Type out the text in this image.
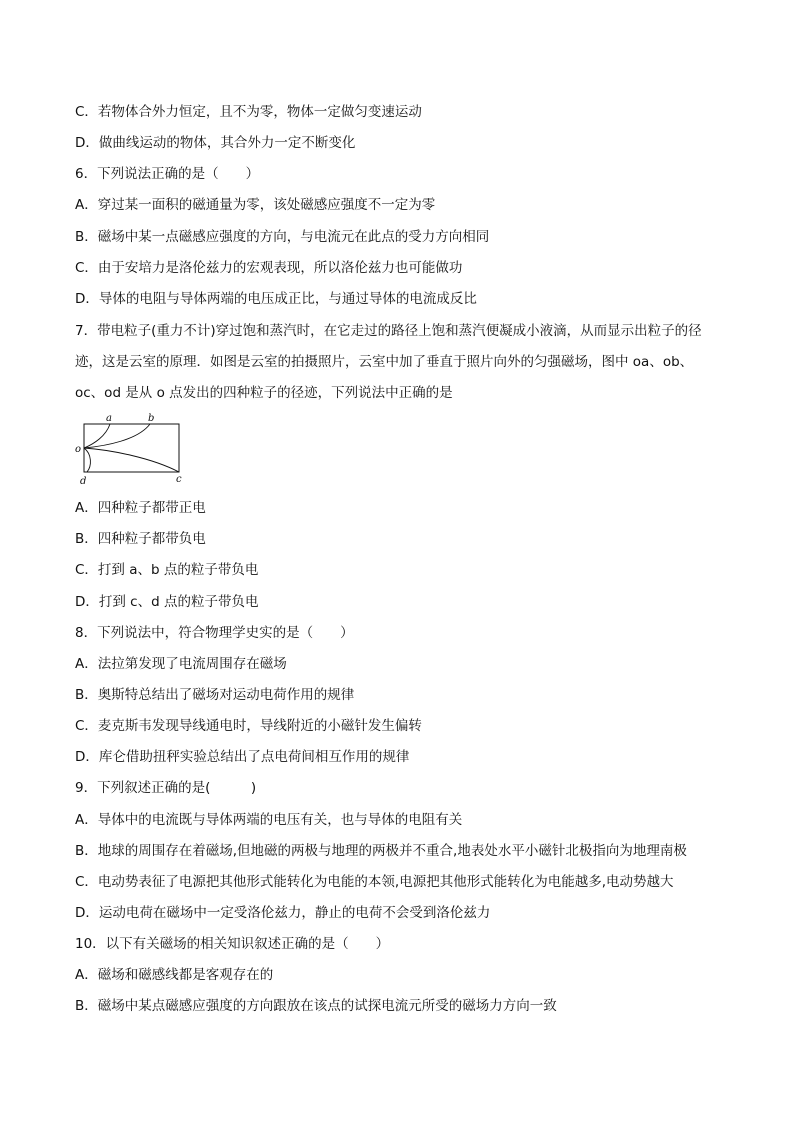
C．若物体合外力恒定，且不为零，物体一定做匀变速运动
D．做曲线运动的物体，其合外力一定不断变化
6．下列说法正确的是（　　）
A．穿过某一面积的磁通量为零，该处磁感应强度不一定为零
B．磁场中某一点磁感应强度的方向，与电流元在此点的受力方向相同
C．由于安培力是洛伦兹力的宏观表现，所以洛伦兹力也可能做功
D．导体的电阻与导体两端的电压成正比，与通过导体的电流成反比
7．带电粒子(重力不计)穿过饱和蒸汽时，在它走过的路径上饱和蒸汽便凝成小液滴，从而显示出粒子的径
迹，这是云室的原理．如图是云室的拍摄照片，云室中加了垂直于照片向外的匀强磁场，图中 oa、ob、
oc、od 是从 o 点发出的四种粒子的径迹，下列说法中正确的是
a	b
o
c
d
A．四种粒子都带正电
B．四种粒子都带负电
C．打到 a、b 点的粒子带负电
D．打到 c、d 点的粒子带负电
8．下列说法中，符合物理学史实的是（　　）
A．法拉第发现了电流周围存在磁场
B．奥斯特总结出了磁场对运动电荷作用的规律
C．麦克斯韦发现导线通电时，导线附近的小磁针发生偏转
D．库仑借助扭秤实验总结出了点电荷间相互作用的规律
9．下列叙述正确的是(　　　)
A．导体中的电流既与导体两端的电压有关，也与导体的电阻有关
B．地球的周围存在着磁场,但地磁的两极与地理的两极并不重合,地表处水平小磁针北极指向为地理南极
C．电动势表征了电源把其他形式能转化为电能的本领,电源把其他形式能转化为电能越多,电动势越大
D．运动电荷在磁场中一定受洛伦兹力，静止的电荷不会受到洛伦兹力
10．以下有关磁场的相关知识叙述正确的是（　　）
A．磁场和磁感线都是客观存在的
B．磁场中某点磁感应强度的方向跟放在该点的试探电流元所受的磁场力方向一致
